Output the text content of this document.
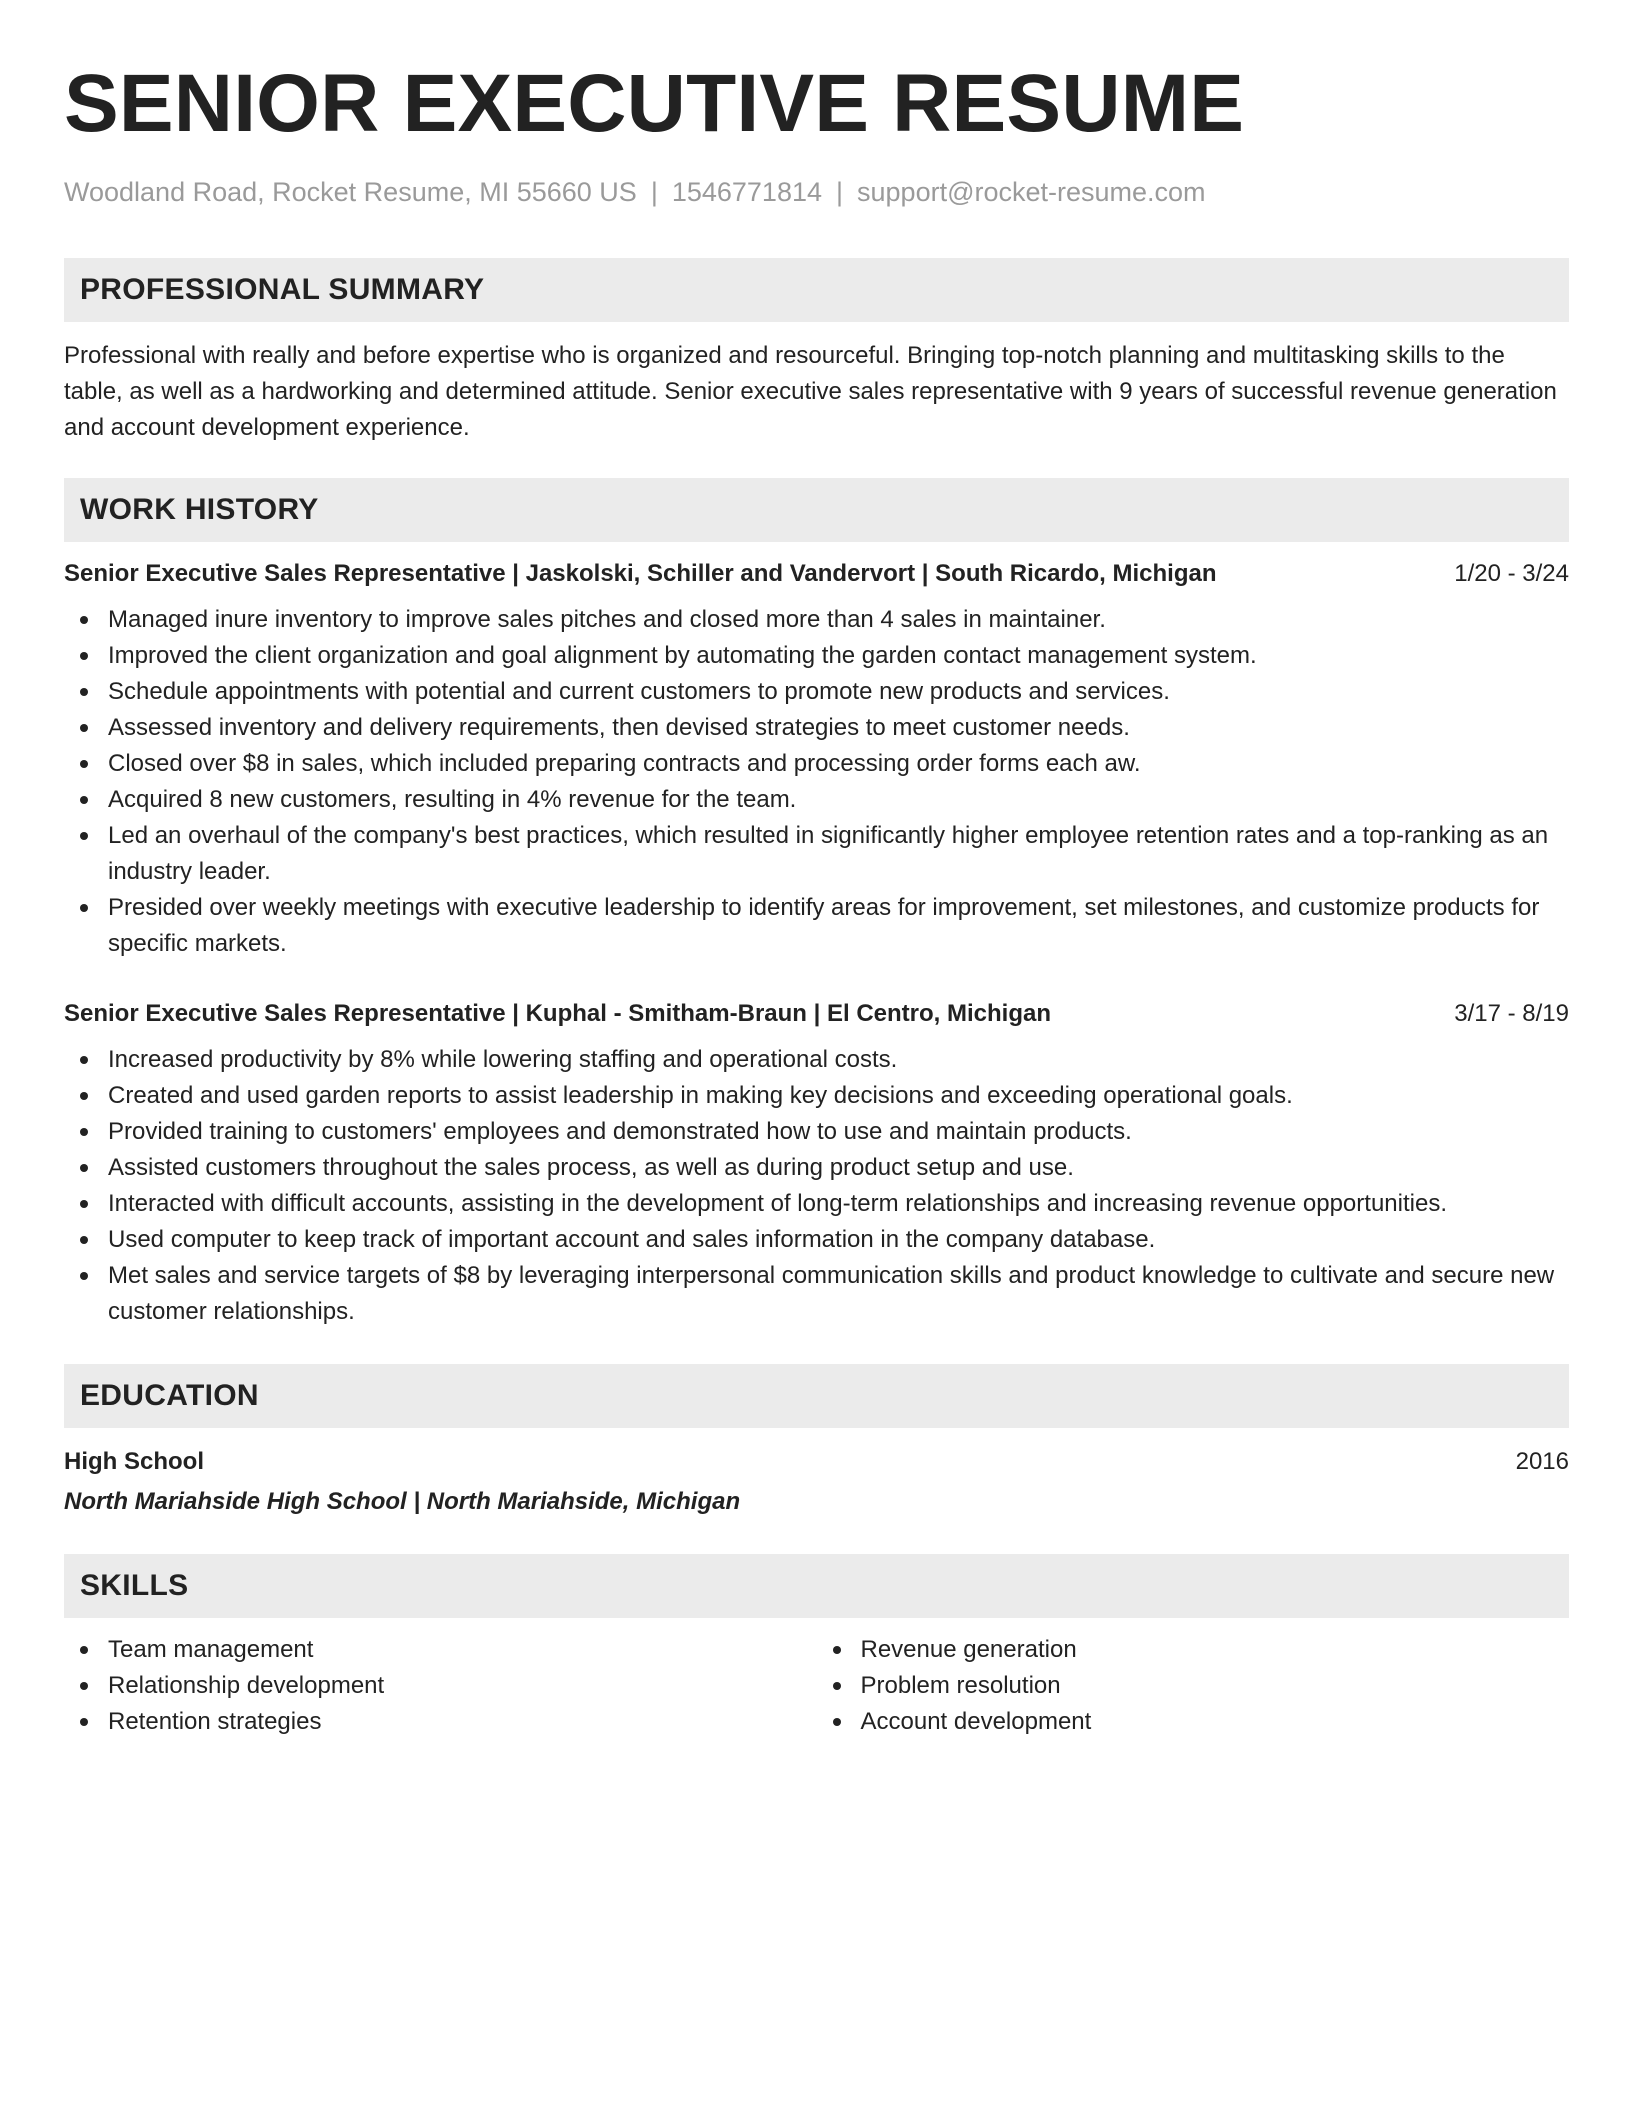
SENIOR EXECUTIVE RESUME
Woodland Road, Rocket Resume, MI 55660 US | 1546771814 | support@rocket-resume.com
PROFESSIONAL SUMMARY
Professional with really and before expertise who is organized and resourceful. Bringing top-notch planning and multitasking skills to the table, as well as a hardworking and determined attitude. Senior executive sales representative with 9 years of successful revenue generation and account development experience.
WORK HISTORY
Senior Executive Sales Representative | Jaskolski, Schiller and Vandervort | South Ricardo, Michigan	1/20 - 3/24
Managed inure inventory to improve sales pitches and closed more than 4 sales in maintainer.
Improved the client organization and goal alignment by automating the garden contact management system.
Schedule appointments with potential and current customers to promote new products and services.
Assessed inventory and delivery requirements, then devised strategies to meet customer needs.
Closed over $8 in sales, which included preparing contracts and processing order forms each aw.
Acquired 8 new customers, resulting in 4% revenue for the team.
Led an overhaul of the company's best practices, which resulted in significantly higher employee retention rates and a top-ranking as an industry leader.
Presided over weekly meetings with executive leadership to identify areas for improvement, set milestones, and customize products for specific markets.
Senior Executive Sales Representative | Kuphal - Smitham-Braun | El Centro, Michigan	3/17 - 8/19
Increased productivity by 8% while lowering staffing and operational costs.
Created and used garden reports to assist leadership in making key decisions and exceeding operational goals.
Provided training to customers' employees and demonstrated how to use and maintain products.
Assisted customers throughout the sales process, as well as during product setup and use.
Interacted with difficult accounts, assisting in the development of long-term relationships and increasing revenue opportunities.
Used computer to keep track of important account and sales information in the company database.
Met sales and service targets of $8 by leveraging interpersonal communication skills and product knowledge to cultivate and secure new customer relationships.
EDUCATION
High School	2016
North Mariahside High School | North Mariahside, Michigan
SKILLS
Team management
Relationship development
Retention strategies
Revenue generation
Problem resolution
Account development
